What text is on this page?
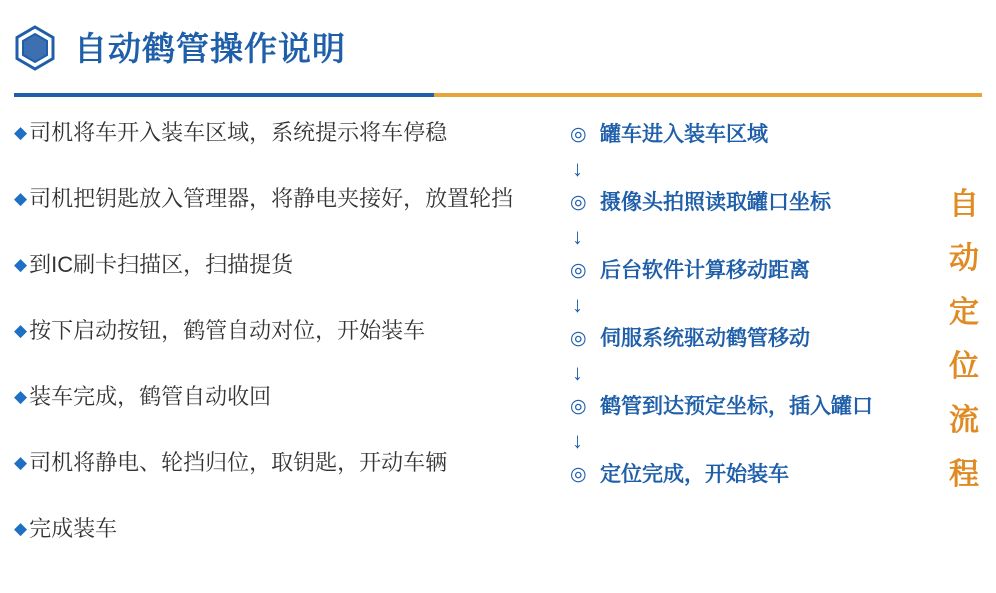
自动鹤管操作说明
◆ 司机将车开入装车区域，系统提示将车停稳
◆ 司机把钥匙放入管理器，将静电夹接好，放置轮挡
◆ 到IC刷卡扫描区，扫描提货
◆ 按下启动按钮，鹤管自动对位，开始装车
◆ 装车完成，鹤管自动收回
◆ 司机将静电、轮挡归位，取钥匙，开动车辆
◆ 完成装车
◎ 罐车进入装车区域
↓
◎ 摄像头拍照读取罐口坐标
↓
◎ 后台软件计算移动距离
↓
◎ 伺服系统驱动鹤管移动
↓
◎ 鹤管到达预定坐标，插入罐口
↓
◎ 定位完成，开始装车
自
动
定
位
流
程
